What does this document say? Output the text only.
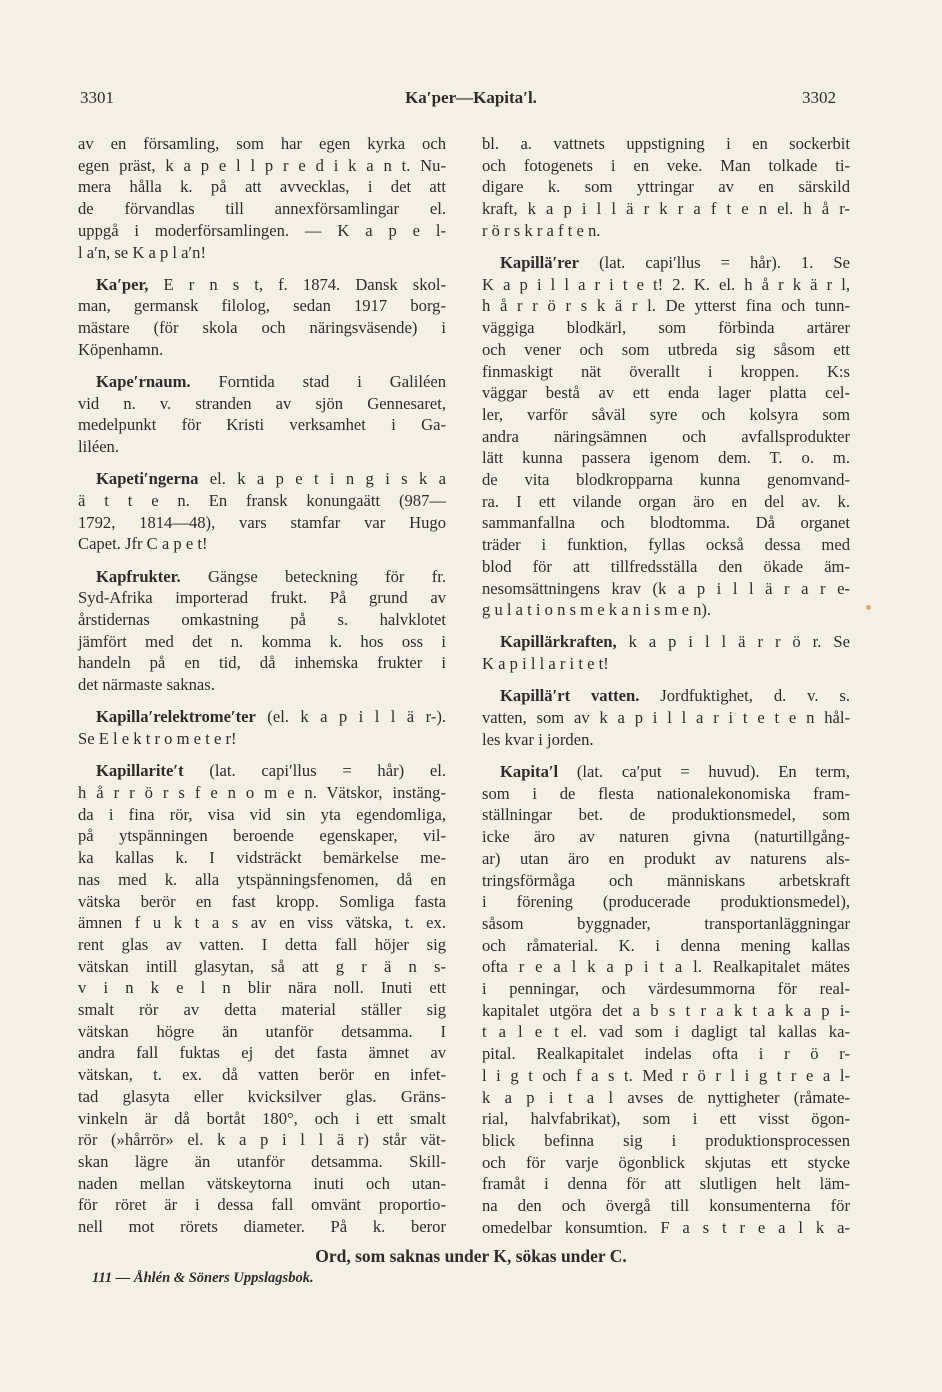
3301	Ka′per—Kapita′l.	3302
av en församling, som har egen kyrka och
egen präst, k a p e l l p r e d i k a n t. Nu-
mera hålla k. på att avvecklas, i det att
de förvandlas till annexförsamlingar el.
uppgå i moderförsamlingen. — K a p e l-
l a′n, se K a p l a′n!
Ka′per, E r n s t, f. 1874. Dansk skol-
man, germansk filolog, sedan 1917 borg-
mästare (för skola och näringsväsende) i
Köpenhamn.
Kape′rnaum. Forntida stad i Galiléen
vid n. v. stranden av sjön Gennesaret,
medelpunkt för Kristi verksamhet i Ga-
liléen.
Kapeti′ngerna el. k a p e t i n g i s k a
ä t t e n. En fransk konungaätt (987—
1792, 1814—48), vars stamfar var Hugo
Capet. Jfr C a p e t!
Kapfrukter. Gängse beteckning för fr.
Syd-Afrika importerad frukt. På grund av
årstidernas omkastning på s. halvklotet
jämfört med det n. komma k. hos oss i
handeln på en tid, då inhemska frukter i
det närmaste saknas.
Kapilla′relektrome′ter (el. k a p i l l ä r-).
Se E l e k t r o m e t e r!
Kapillarite′t (lat. capi′llus = hår) el.
h å r r ö r s f e n o m e n. Vätskor, instäng-
da i fina rör, visa vid sin yta egendomliga,
på ytspänningen beroende egenskaper, vil-
ka kallas k. I vidsträckt bemärkelse me-
nas med k. alla ytspänningsfenomen, då en
vätska berör en fast kropp. Somliga fasta
ämnen f u k t a s av en viss vätska, t. ex.
rent glas av vatten. I detta fall höjer sig
vätskan intill glasytan, så att g r ä n s-
v i n k e l n blir nära noll. Inuti ett
smalt rör av detta material ställer sig
vätskan högre än utanför detsamma. I
andra fall fuktas ej det fasta ämnet av
vätskan, t. ex. då vatten berör en infet-
tad glasyta eller kvicksilver glas. Gräns-
vinkeln är då bortåt 180°, och i ett smalt
rör (»hårrör» el. k a p i l l ä r) står vät-
skan lägre än utanför detsamma. Skill-
naden mellan vätskeytorna inuti och utan-
för röret är i dessa fall omvänt proportio-
nell mot rörets diameter. På k. beror
bl. a. vattnets uppstigning i en sockerbit
och fotogenets i en veke. Man tolkade ti-
digare k. som yttringar av en särskild
kraft, k a p i l l ä r k r a f t e n el. h å r-
r ö r s k r a f t e n.
Kapillä′rer (lat. capi′llus = hår). 1. Se
K a p i l l a r i t e t! 2. K. el. h å r k ä r l,
h å r r ö r s k ä r l. De ytterst fina och tunn-
väggiga blodkärl, som förbinda artärer
och vener och som utbreda sig såsom ett
finmaskigt nät överallt i kroppen. K:s
väggar bestå av ett enda lager platta cel-
ler, varför såväl syre och kolsyra som
andra näringsämnen och avfallsprodukter
lätt kunna passera igenom dem. T. o. m.
de vita blodkropparna kunna genomvand-
ra. I ett vilande organ äro en del av. k.
sammanfallna och blodtomma. Då organet
träder i funktion, fyllas också dessa med
blod för att tillfredsställa den ökade äm-
nesomsättningens krav (k a p i l l ä r a r e-
g u l a t i o n s m e k a n i s m e n).
Kapillärkraften, k a p i l l ä r r ö r. Se
K a p i l l a r i t e t!
Kapillä′rt vatten. Jordfuktighet, d. v. s.
vatten, som av k a p i l l a r i t e t e n hål-
les kvar i jorden.
Kapita′l (lat. ca′put = huvud). En term,
som i de flesta nationalekonomiska fram-
ställningar bet. de produktionsmedel, som
icke äro av naturen givna (naturtillgång-
ar) utan äro en produkt av naturens als-
tringsförmåga och människans arbetskraft
i förening (producerade produktionsmedel),
såsom byggnader, transportanläggningar
och råmaterial. K. i denna mening kallas
ofta r e a l k a p i t a l. Realkapitalet mätes
i penningar, och värdesummorna för real-
kapitalet utgöra det a b s t r a k t a k a p i-
t a l e t el. vad som i dagligt tal kallas ka-
pital. Realkapitalet indelas ofta i r ö r-
l i g t och f a s t. Med r ö r l i g t r e a l-
k a p i t a l avses de nyttigheter (råmate-
rial, halvfabrikat), som i ett visst ögon-
blick befinna sig i produktionsprocessen
och för varje ögonblick skjutas ett stycke
framåt i denna för att slutligen helt läm-
na den och övergå till konsumenterna för
omedelbar konsumtion. F a s t r e a l k a-
Ord, som saknas under K, sökas under C.
111 — Åhlén & Söners Uppslagsbok.
